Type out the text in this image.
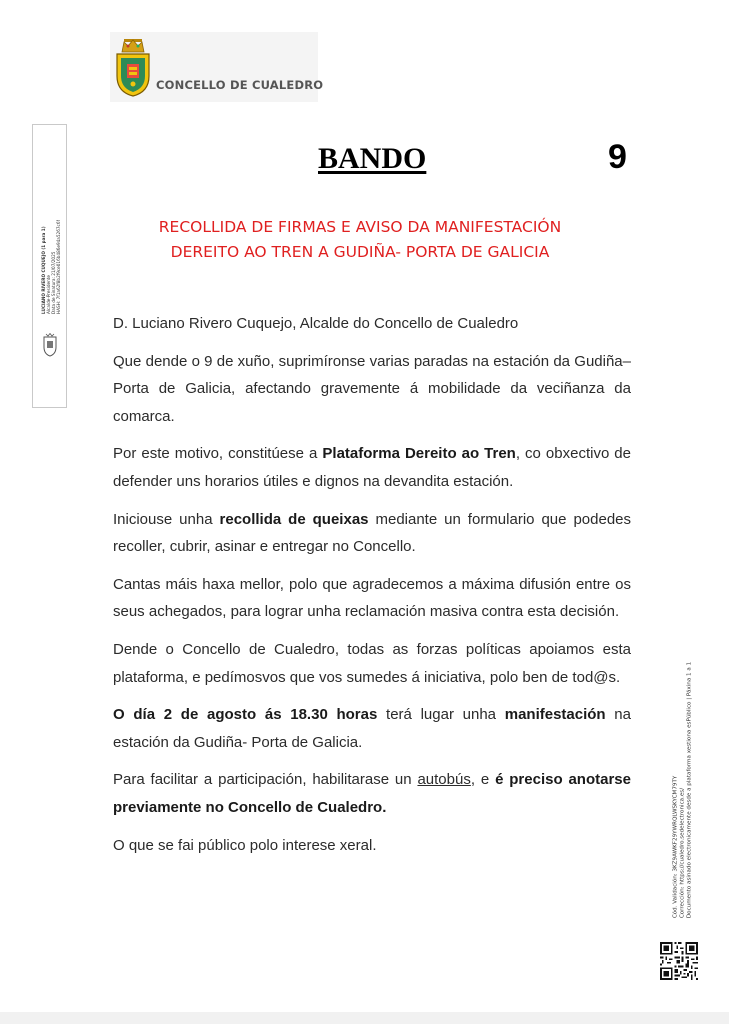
CONCELLO DE CUALEDRO
LUCIANO RIVERO CUQUEJO (1 para 1) Alcalde-Presidente Data de Sinatura: 21/07/2025 HASH: 7f1a62f8b2f9ce016b486e94a5267c6f
BANDO	9
RECOLLIDA DE FIRMAS E AVISO DA MANIFESTACIÓN
DEREITO AO TREN A GUDIÑA- PORTA DE GALICIA

D. Luciano Rivero Cuquejo, Alcalde do Concello de Cualedro

Que dende o 9 de xuño, suprimíronse varias paradas na estación da Gudiña–Porta de Galicia, afectando gravemente á mobilidade da veciñanza da comarca.

Por este motivo, constitúese a Plataforma Dereito ao Tren, co obxectivo de defender uns horarios útiles e dignos na devandita estación.

Iniciouse unha recollida de queixas mediante un formulario que podedes recoller, cubrir, asinar e entregar no Concello.

Cantas máis haxa mellor, polo que agradecemos a máxima difusión entre os seus achegados, para lograr unha reclamación masiva contra esta decisión.

Dende o Concello de Cualedro, todas as forzas políticas apoiamos esta plataforma, e pedímosvos que vos sumedes á iniciativa, polo ben de tod@s.

O día 2 de agosto ás 18.30 horas terá lugar unha manifestación na estación da Gudiña- Porta de Galicia.

Para facilitar a participación, habilitarase un autobús, e é preciso anotarse previamente no Concello de Cualedro.

O que se fai público polo interese xeral.	Cód. Validación: 3KZ9AWKF29YWRQLWSKYCM79TY Corrección: https://cualedro.sedelectronica.es/ Documento asinado electronicamente desde a plataforma xestiona esPúblico | Páxina 1 a 1
